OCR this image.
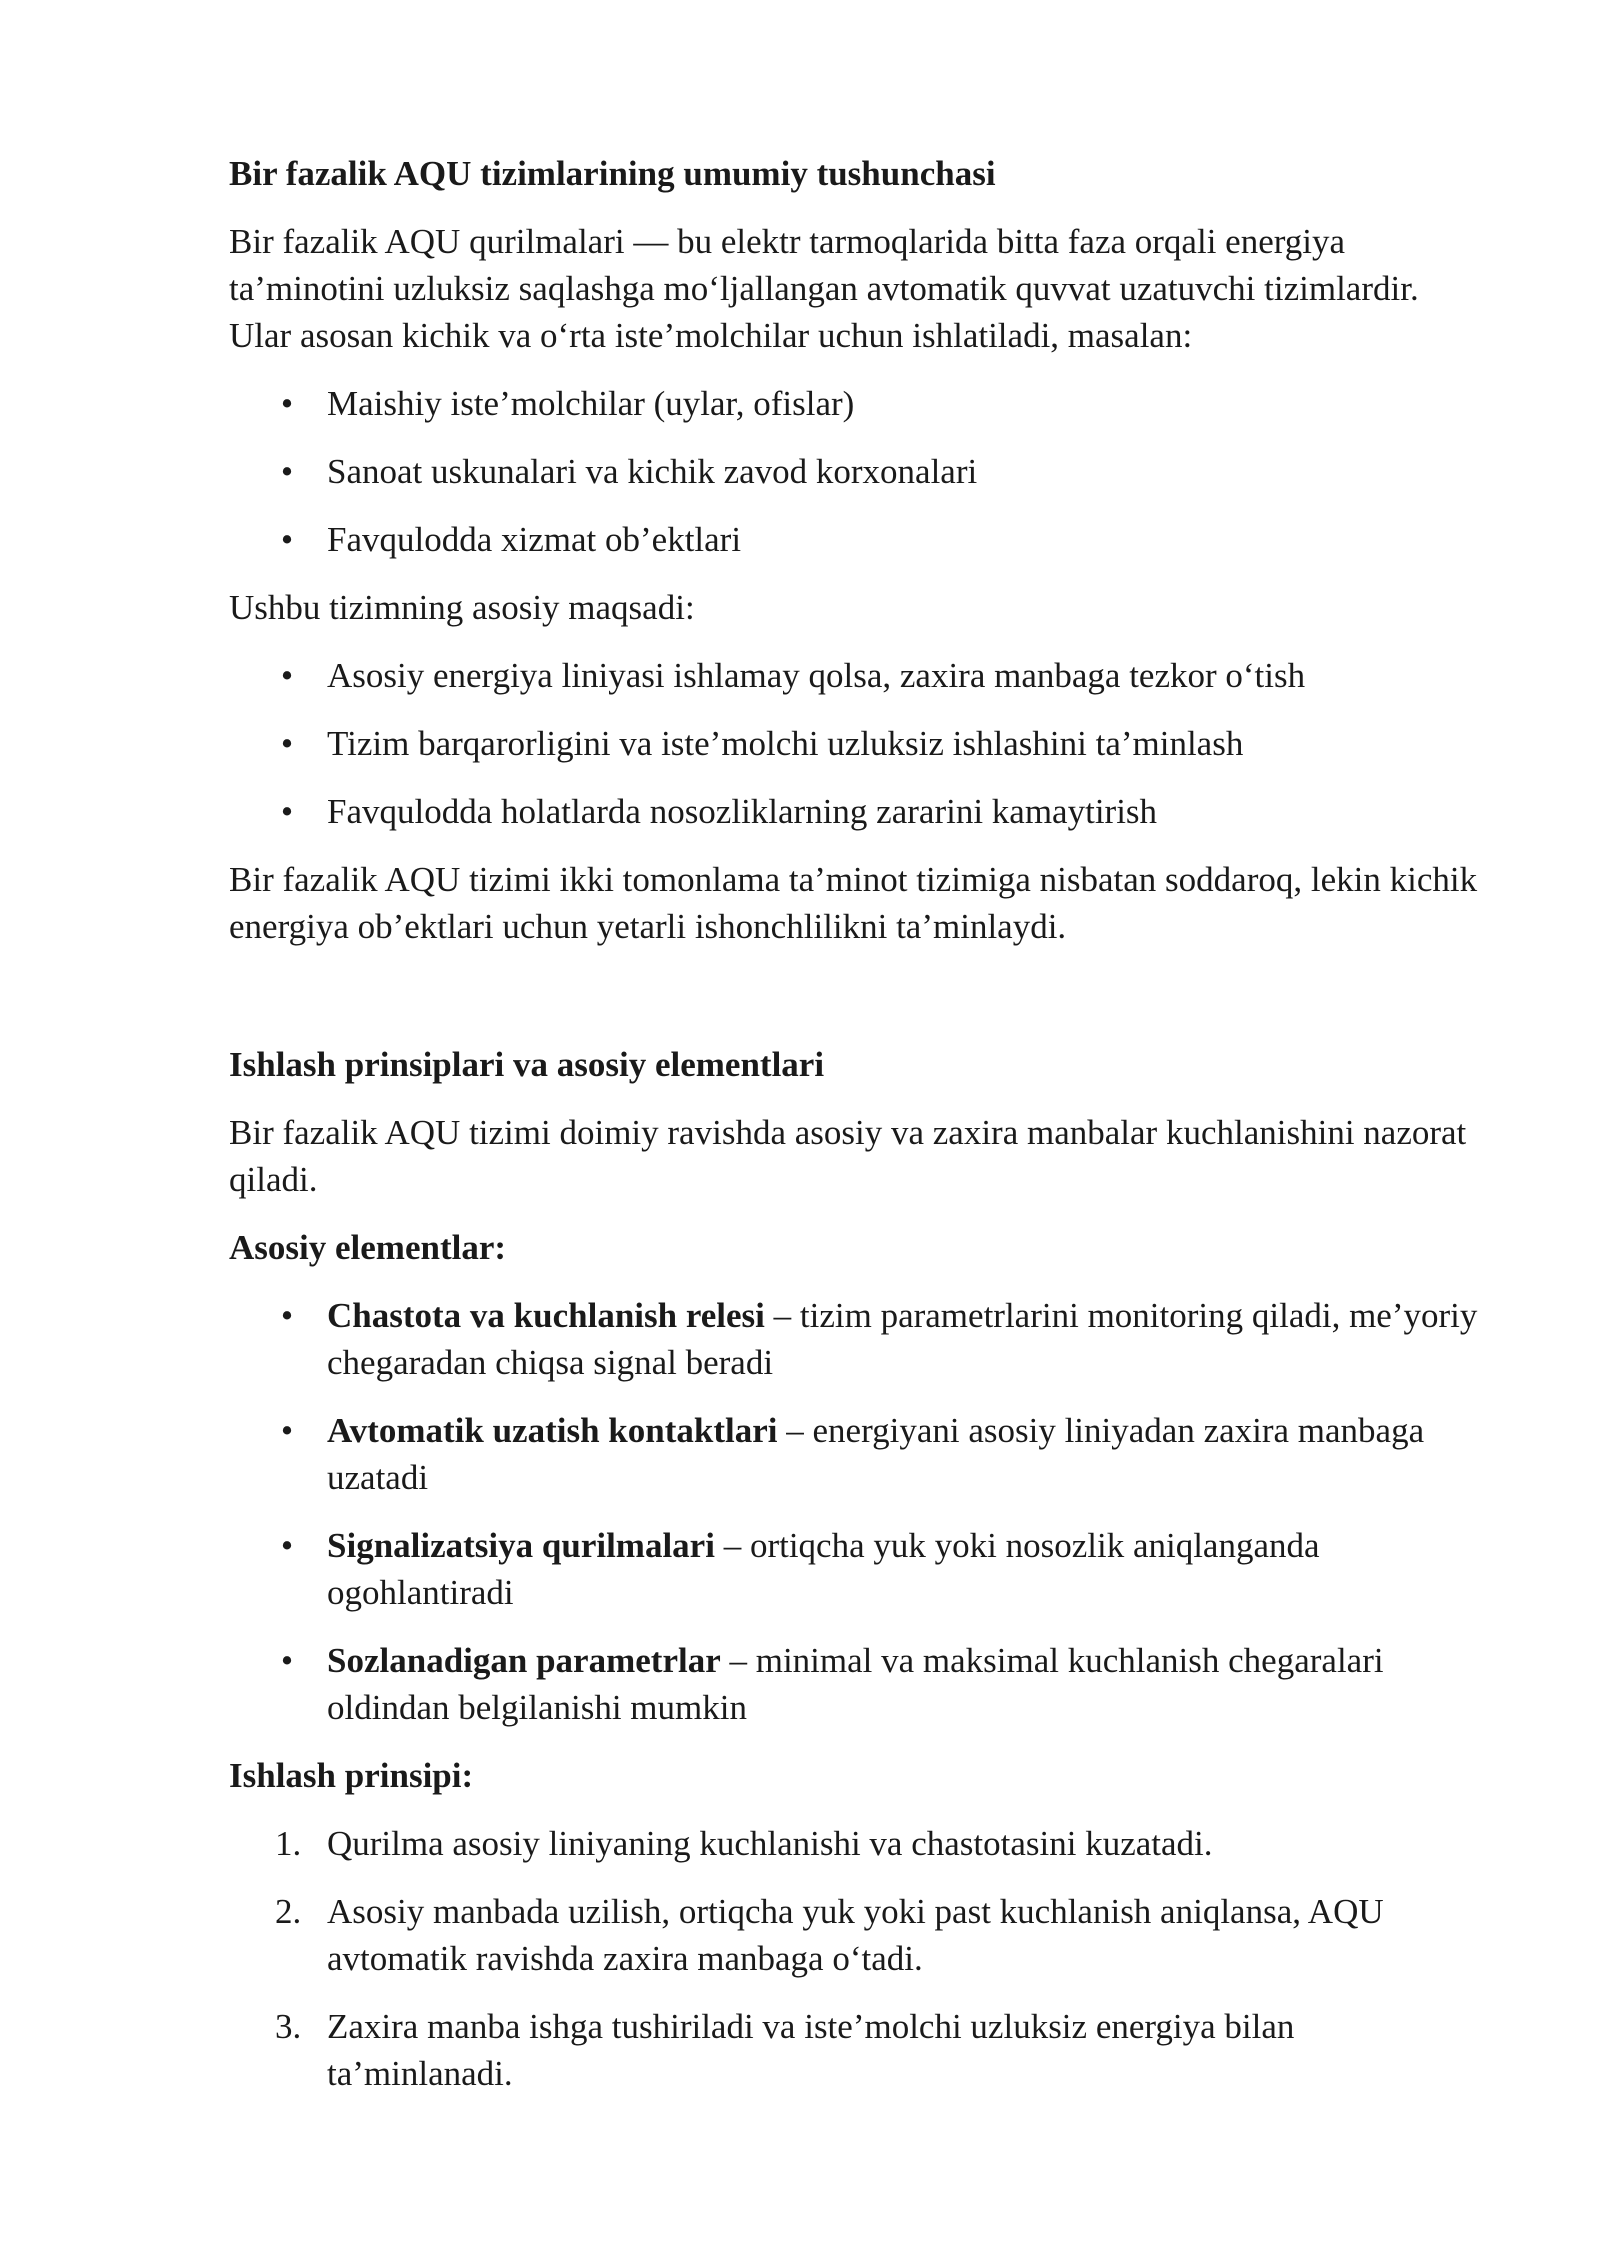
Bir fazalik AQU tizimlarining umumiy tushunchasi

Bir fazalik AQU qurilmalari — bu elektr tarmoqlarida bitta faza orqali energiya ta’minotini uzluksiz saqlashga mo‘ljallangan avtomatik quvvat uzatuvchi tizimlardir. Ular asosan kichik va o‘rta iste’molchilar uchun ishlatiladi, masalan:

• Maishiy iste’molchilar (uylar, ofislar)
• Sanoat uskunalari va kichik zavod korxonalari
• Favqulodda xizmat ob’ektlari

Ushbu tizimning asosiy maqsadi:

• Asosiy energiya liniyasi ishlamay qolsa, zaxira manbaga tezkor o‘tish
• Tizim barqarorligini va iste’molchi uzluksiz ishlashini ta’minlash
• Favqulodda holatlarda nosozliklarning zararini kamaytirish

Bir fazalik AQU tizimi ikki tomonlama ta’minot tizimiga nisbatan soddaroq, lekin kichik energiya ob’ektlari uchun yetarli ishonchlilikni ta’minlaydi.

Ishlash prinsiplari va asosiy elementlari

Bir fazalik AQU tizimi doimiy ravishda asosiy va zaxira manbalar kuchlanishini nazorat qiladi.

Asosiy elementlar:

• Chastota va kuchlanish relesi – tizim parametrlarini monitoring qiladi, me’yoriy chegaradan chiqsa signal beradi
• Avtomatik uzatish kontaktlari – energiyani asosiy liniyadan zaxira manbaga uzatadi
• Signalizatsiya qurilmalari – ortiqcha yuk yoki nosozlik aniqlanganda ogohlantiradi
• Sozlanadigan parametrlar – minimal va maksimal kuchlanish chegaralari oldindan belgilanishi mumkin

Ishlash prinsipi:

1. Qurilma asosiy liniyaning kuchlanishi va chastotasini kuzatadi.
2. Asosiy manbada uzilish, ortiqcha yuk yoki past kuchlanish aniqlansa, AQU avtomatik ravishda zaxira manbaga o‘tadi.
3. Zaxira manba ishga tushiriladi va iste’molchi uzluksiz energiya bilan ta’minlanadi.
